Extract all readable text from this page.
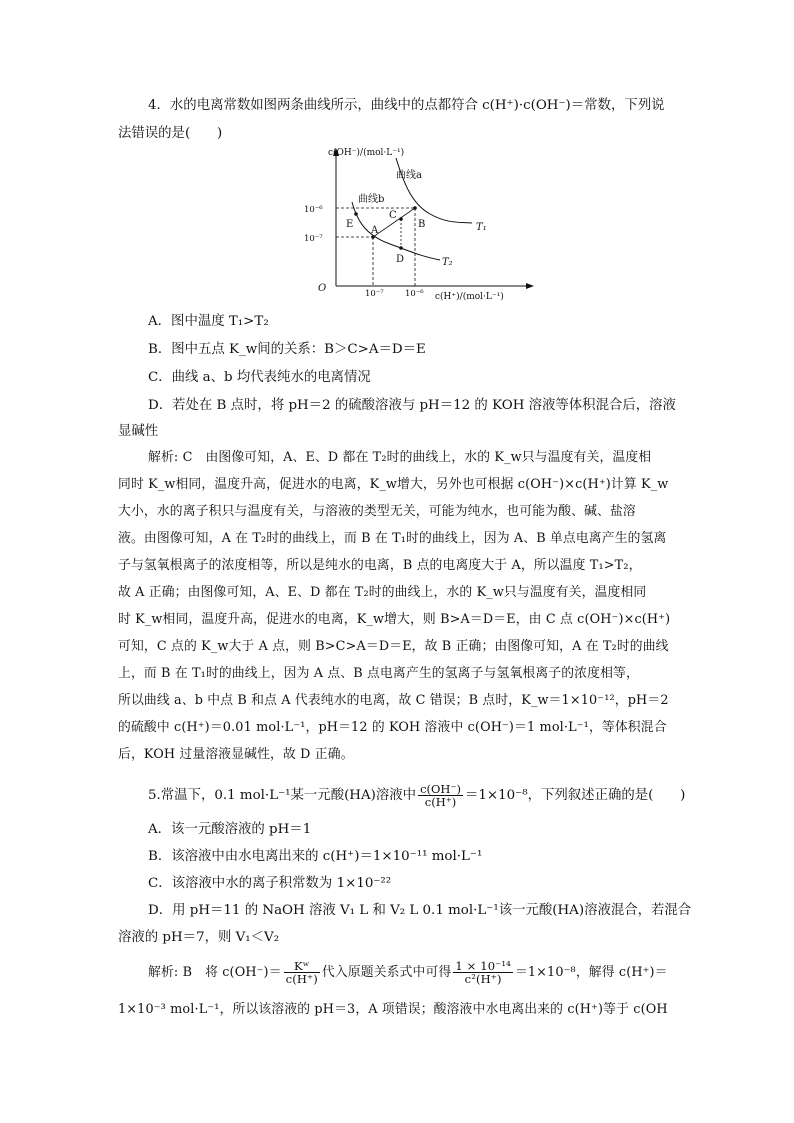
4．水的电离常数如图两条曲线所示，曲线中的点都符合 c(H⁺)·c(OH⁻)＝常数，下列说
法错误的是(　　)
c(OH⁻)/(mol·L⁻¹)
c(H⁺)/(mol·L⁻¹)
O
10⁻⁶
10⁻⁷
10⁻⁷	10⁻⁶
曲线a
曲线b
T₁
T₂
A
B
C
D
E
A．图中温度 T₁>T₂
B．图中五点 K_w间的关系：B＞C>A＝D＝E
C．曲线 a、b 均代表纯水的电离情况
D．若处在 B 点时，将 pH＝2 的硫酸溶液与 pH＝12 的 KOH 溶液等体积混合后，溶液
显碱性
解析: C　由图像可知，A、E、D 都在 T₂时的曲线上，水的 K_w只与温度有关，温度相
同时 K_w相同，温度升高，促进水的电离，K_w增大，另外也可根据 c(OH⁻)×c(H⁺)计算 K_w
大小，水的离子积只与温度有关，与溶液的类型无关，可能为纯水，也可能为酸、碱、盐溶
液。由图像可知，A 在 T₂时的曲线上，而 B 在 T₁时的曲线上，因为 A、B 单点电离产生的氢离
子与氢氧根离子的浓度相等，所以是纯水的电离，B 点的电离度大于 A，所以温度 T₁>T₂，
故 A 正确；由图像可知，A、E、D 都在 T₂时的曲线上，水的 K_w只与温度有关，温度相同
时 K_w相同，温度升高，促进水的电离，K_w增大，则 B>A＝D＝E，由 C 点 c(OH⁻)×c(H⁺)
可知，C 点的 K_w大于 A 点，则 B>C>A＝D＝E，故 B 正确；由图像可知，A 在 T₂时的曲线
上，而 B 在 T₁时的曲线上，因为 A 点、B 点电离产生的氢离子与氢氧根离子的浓度相等，
所以曲线 a、b 中点 B 和点 A 代表纯水的电离，故 C 错误；B 点时，K_w＝1×10⁻¹²，pH＝2
的硫酸中 c(H⁺)＝0.01 mol·L⁻¹，pH＝12 的 KOH 溶液中 c(OH⁻)＝1 mol·L⁻¹，等体积混合
后，KOH 过量溶液显碱性，故 D 正确。
5.常温下，0.1 mol·L⁻¹某一元酸(HA)溶液中 $\frac{c(OH^-)}{c(H^+)} =1\times 10^{-8}$，下列叙述正确的是(　　)
A．该一元酸溶液的 pH＝1
B．该溶液中由水电离出来的 c(H⁺)＝1×10⁻¹¹ mol·L⁻¹
C．该溶液中水的离子积常数为 1×10⁻²²
D．用 pH＝11 的 NaOH 溶液 V₁ L 和 V₂ L 0.1 mol·L⁻¹该一元酸(HA)溶液混合，若混合
溶液的 pH＝7，则 V₁＜V₂
解析: B　将 $c(OH^-)= \frac{\text{Kʷ}}{c(H^+)}$ 代入原题关系式中可得 $\frac{\text{1 × 10⁻¹⁴}}{\text{c²(H⁺)}} =1\times 10^{-8}$，解得 c(H⁺)＝
1×10⁻³ mol·L⁻¹，所以该溶液的 pH＝3，A 项错误；酸溶液中水电离出来的 c(H⁺)等于 c(OH
